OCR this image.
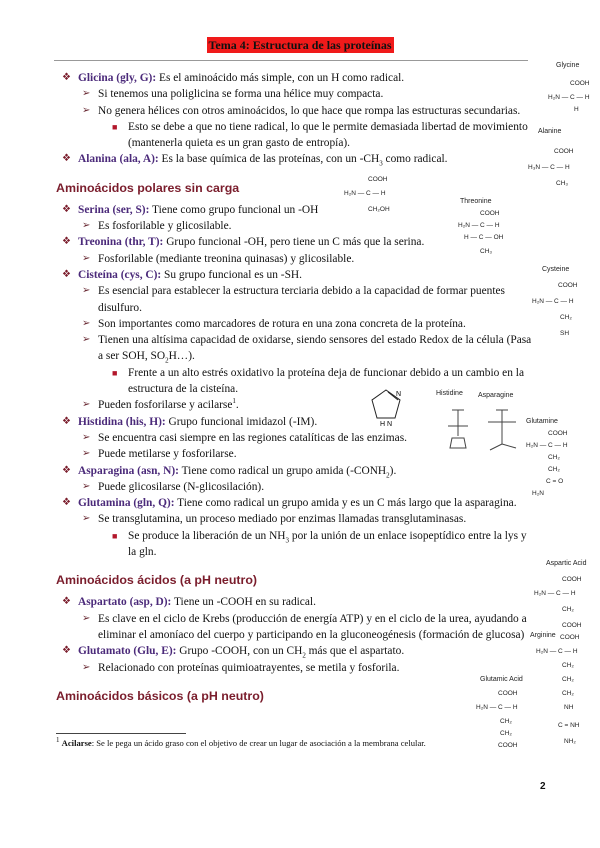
Tema 4: Estructura de las proteínas
❖ Glicina (gly, G): Es el aminoácido más simple, con un H como radical.
➢ Si tenemos una poliglicina se forma una hélice muy compacta.
➢ No genera hélices con otros aminoácidos, lo que hace que rompa las estructuras secundarias.
■ Esto se debe a que no tiene radical, lo que le permite demasiada libertad de movimiento (mantenerla quieta es un gran gasto de entropía).
❖ Alanina (ala, A): Es la base química de las proteínas, con un $-CH_3$ como radical.
Aminoácidos polares sin carga
❖ Serina (ser, S): Tiene como grupo funcional un -OH
➢ Es fosforilable y glicosilable.
❖ Treonina (thr, T): Grupo funcional -OH, pero tiene un C más que la serina.
➢ Fosforilable (mediante treonina quinasas) y glicosilable.
❖ Cisteína (cys, C): Su grupo funcional es un -SH.
➢ Es esencial para establecer la estructura terciaria debido a la capacidad de formar puentes disulfuro.
➢ Son importantes como marcadores de rotura en una zona concreta de la proteína.
➢ Tienen una altísima capacidad de oxidarse, siendo sensores del estado Redox de la célula (Pasa a ser SOH, $SO_2H\dots$).
■ Frente a un alto estrés oxidativo la proteína deja de funcionar debido a un cambio en la estructura de la cisteína.
➢ Pueden fosforilarse y acilarse$^1$.
❖ Histidina (his, H): Grupo funcional imidazol (-IM).
➢ Se encuentra casi siempre en las regiones catalíticas de las enzimas.
➢ Puede metilarse y fosforilarse.
❖ Asparagina (asn, N): Tiene como radical un grupo amida $(-CONH_2)$.
➢ Puede glicosilarse (N-glicosilación).
❖ Glutamina (gln, Q): Tiene como radical un grupo amida y es un C más largo que la asparagina.
➢ Se transglutamina, un proceso mediado por enzimas llamadas transglutaminasas.
■ Se produce la liberación de un $NH_3$ por la unión de un enlace isopeptídico entre la lys y la gln.
Aminoácidos ácidos (a pH neutro)
❖ Aspartato (asp, D): Tiene un -COOH en su radical.
➢ Es clave en el ciclo de Krebs (producción de energía ATP) y en el ciclo de la urea, ayudando a eliminar el amoníaco del cuerpo y participando en la gluconeogénesis (formación de glucosa)
❖ Glutamato (Glu, E): Grupo -COOH, con un $CH_2$ más que el aspartato.
➢ Relacionado con proteínas quimioatrayentes, se metila y fosforila.
Aminoácidos básicos (a pH neutro)
$^1$ Acilarse: Se le pega un ácido graso con el objetivo de crear un lugar de asociación a la membrana celular.
2
Glycine
COOH
H₂N — C — H
H
Alanine
COOH
H₃N — C — H
CH₃
COOH
H₂N — C — H
CH₂OH
Threonine
COOH
H₂N — C — H
H — C — OH
CH₃
Cysteine
COOH
H₂N — C — H
CH₂
SH
N
H N
Histidine Asparagine
Glutamine
COOH
H₂N — C — H
CH₂
CH₂
C = O
H₂N
Aspartic Acid
COOH
H₂N — C — H
CH₂
COOH
Arginine COOH
H₂N — C — H
CH₂
CH₂
CH₂
NH
C = NH
NH₂
Glutamic Acid
COOH
H₂N — C — H
CH₂
CH₂
COOH
